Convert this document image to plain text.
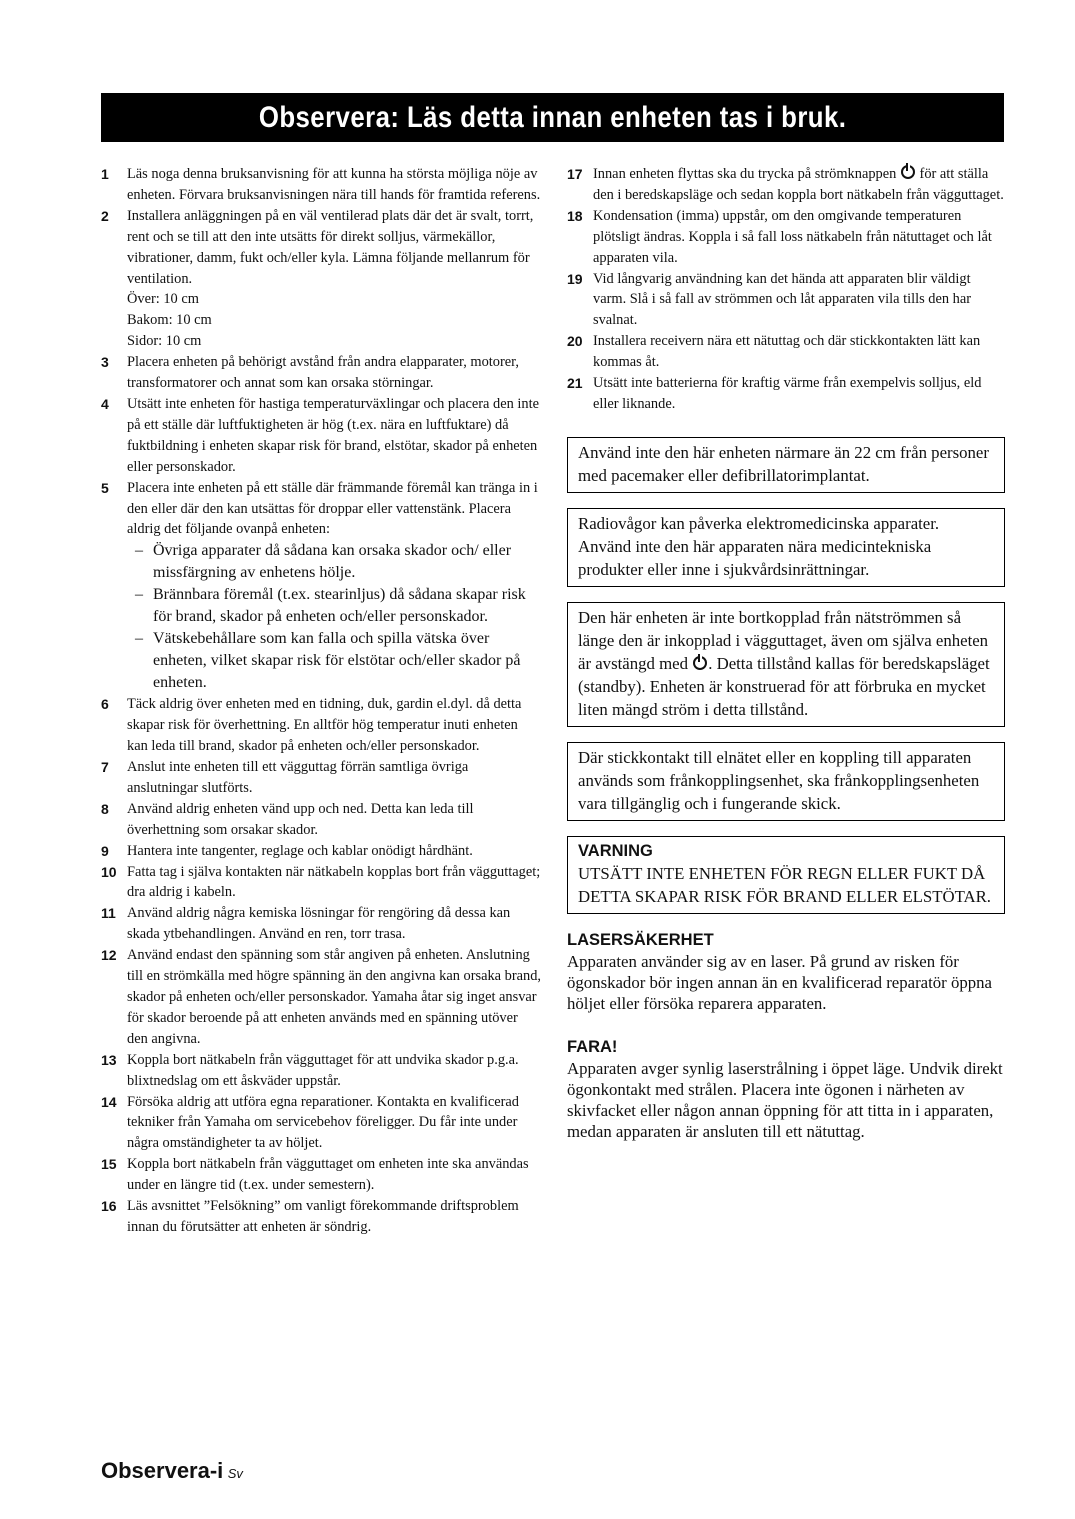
Observera: Läs detta innan enheten tas i bruk.
1	Läs noga denna bruksanvisning för att kunna ha största möjliga nöje av enheten. Förvara bruksanvisningen nära till hands för framtida referens.
2	Installera anläggningen på en väl ventilerad plats där det är svalt, torrt, rent och se till att den inte utsätts för direkt solljus, värmekällor, vibrationer, damm, fukt och/eller kyla. Lämna följande mellanrum för ventilation.
Över: 10 cm
Bakom: 10 cm
Sidor: 10 cm
3	Placera enheten på behörigt avstånd från andra elapparater, motorer, transformatorer och annat som kan orsaka störningar.
4	Utsätt inte enheten för hastiga temperaturväxlingar och placera den inte på ett ställe där luftfuktigheten är hög (t.ex. nära en luftfuktare) då fuktbildning i enheten skapar risk för brand, elstötar, skador på enheten eller personskador.
5	Placera inte enheten på ett ställe där främmande föremål kan tränga in i den eller där den kan utsättas för droppar eller vattenstänk. Placera aldrig det följande ovanpå enheten:
– Övriga apparater då sådana kan orsaka skador och/ eller missfärgning av enhetens hölje.
– Brännbara föremål (t.ex. stearinljus) då sådana skapar risk för brand, skador på enheten och/eller personskador.
– Vätskebehållare som kan falla och spilla vätska över enheten, vilket skapar risk för elstötar och/eller skador på enheten.
6	Täck aldrig över enheten med en tidning, duk, gardin el.dyl. då detta skapar risk för överhettning. En alltför hög temperatur inuti enheten kan leda till brand, skador på enheten och/eller personskador.
7	Anslut inte enheten till ett vägguttag förrän samtliga övriga anslutningar slutförts.
8	Använd aldrig enheten vänd upp och ned. Detta kan leda till överhettning som orsakar skador.
9	Hantera inte tangenter, reglage och kablar onödigt hårdhänt.
10 Fatta tag i själva kontakten när nätkabeln kopplas bort från vägguttaget; dra aldrig i kabeln.
11 Använd aldrig några kemiska lösningar för rengöring då dessa kan skada ytbehandlingen. Använd en ren, torr trasa.
12 Använd endast den spänning som står angiven på enheten. Anslutning till en strömkälla med högre spänning än den angivna kan orsaka brand, skador på enheten och/eller personskador. Yamaha åtar sig inget ansvar för skador beroende på att enheten används med en spänning utöver den angivna.
13 Koppla bort nätkabeln från vägguttaget för att undvika skador p.g.a. blixtnedslag om ett åskväder uppstår.
14 Försöka aldrig att utföra egna reparationer. Kontakta en kvalificerad tekniker från Yamaha om servicebehov föreligger. Du får inte under några omständigheter ta av höljet.
15 Koppla bort nätkabeln från vägguttaget om enheten inte ska användas under en längre tid (t.ex. under semestern).
16 Läs avsnittet ”Felsökning” om vanligt förekommande driftsproblem innan du förutsätter att enheten är söndrig.
17 Innan enheten flyttas ska du trycka på strömknappen för att ställa den i beredskapsläge och sedan koppla bort nätkabeln från vägguttaget.
18 Kondensation (imma) uppstår, om den omgivande temperaturen plötsligt ändras. Koppla i så fall loss nätkabeln från nätuttaget och låt apparaten vila.
19 Vid långvarig användning kan det hända att apparaten blir väldigt varm. Slå i så fall av strömmen och låt apparaten vila tills den har svalnat.
20 Installera receivern nära ett nätuttag och där stickkontakten lätt kan kommas åt.
21 Utsätt inte batterierna för kraftig värme från exempelvis solljus, eld eller liknande.
Använd inte den här enheten närmare än 22 cm från personer med pacemaker eller defibrillatorimplantat.
Radiovågor kan påverka elektromedicinska apparater. Använd inte den här apparaten nära medicintekniska produkter eller inne i sjukvårdsinrättningar.
Den här enheten är inte bortkopplad från nätströmmen så länge den är inkopplad i vägguttaget, även om själva enheten är avstängd med . Detta tillstånd kallas för beredskapsläget (standby). Enheten är konstruerad för att förbruka en mycket liten mängd ström i detta tillstånd.
Där stickkontakt till elnätet eller en koppling till apparaten används som frånkopplingsenhet, ska frånkopplingsenheten vara tillgänglig och i fungerande skick.
VARNING
UTSÄTT INTE ENHETEN FÖR REGN ELLER FUKT DÅ DETTA SKAPAR RISK FÖR BRAND ELLER ELSTÖTAR.
LASERSÄKERHET
Apparaten använder sig av en laser. På grund av risken för ögonskador bör ingen annan än en kvalificerad reparatör öppna höljet eller försöka reparera apparaten.
FARA!
Apparaten avger synlig laserstrålning i öppet läge. Undvik direkt ögonkontakt med strålen. Placera inte ögonen i närheten av skivfacket eller någon annan öppning för att titta in i apparaten, medan apparaten är ansluten till ett nätuttag.
Observera-i Sv
